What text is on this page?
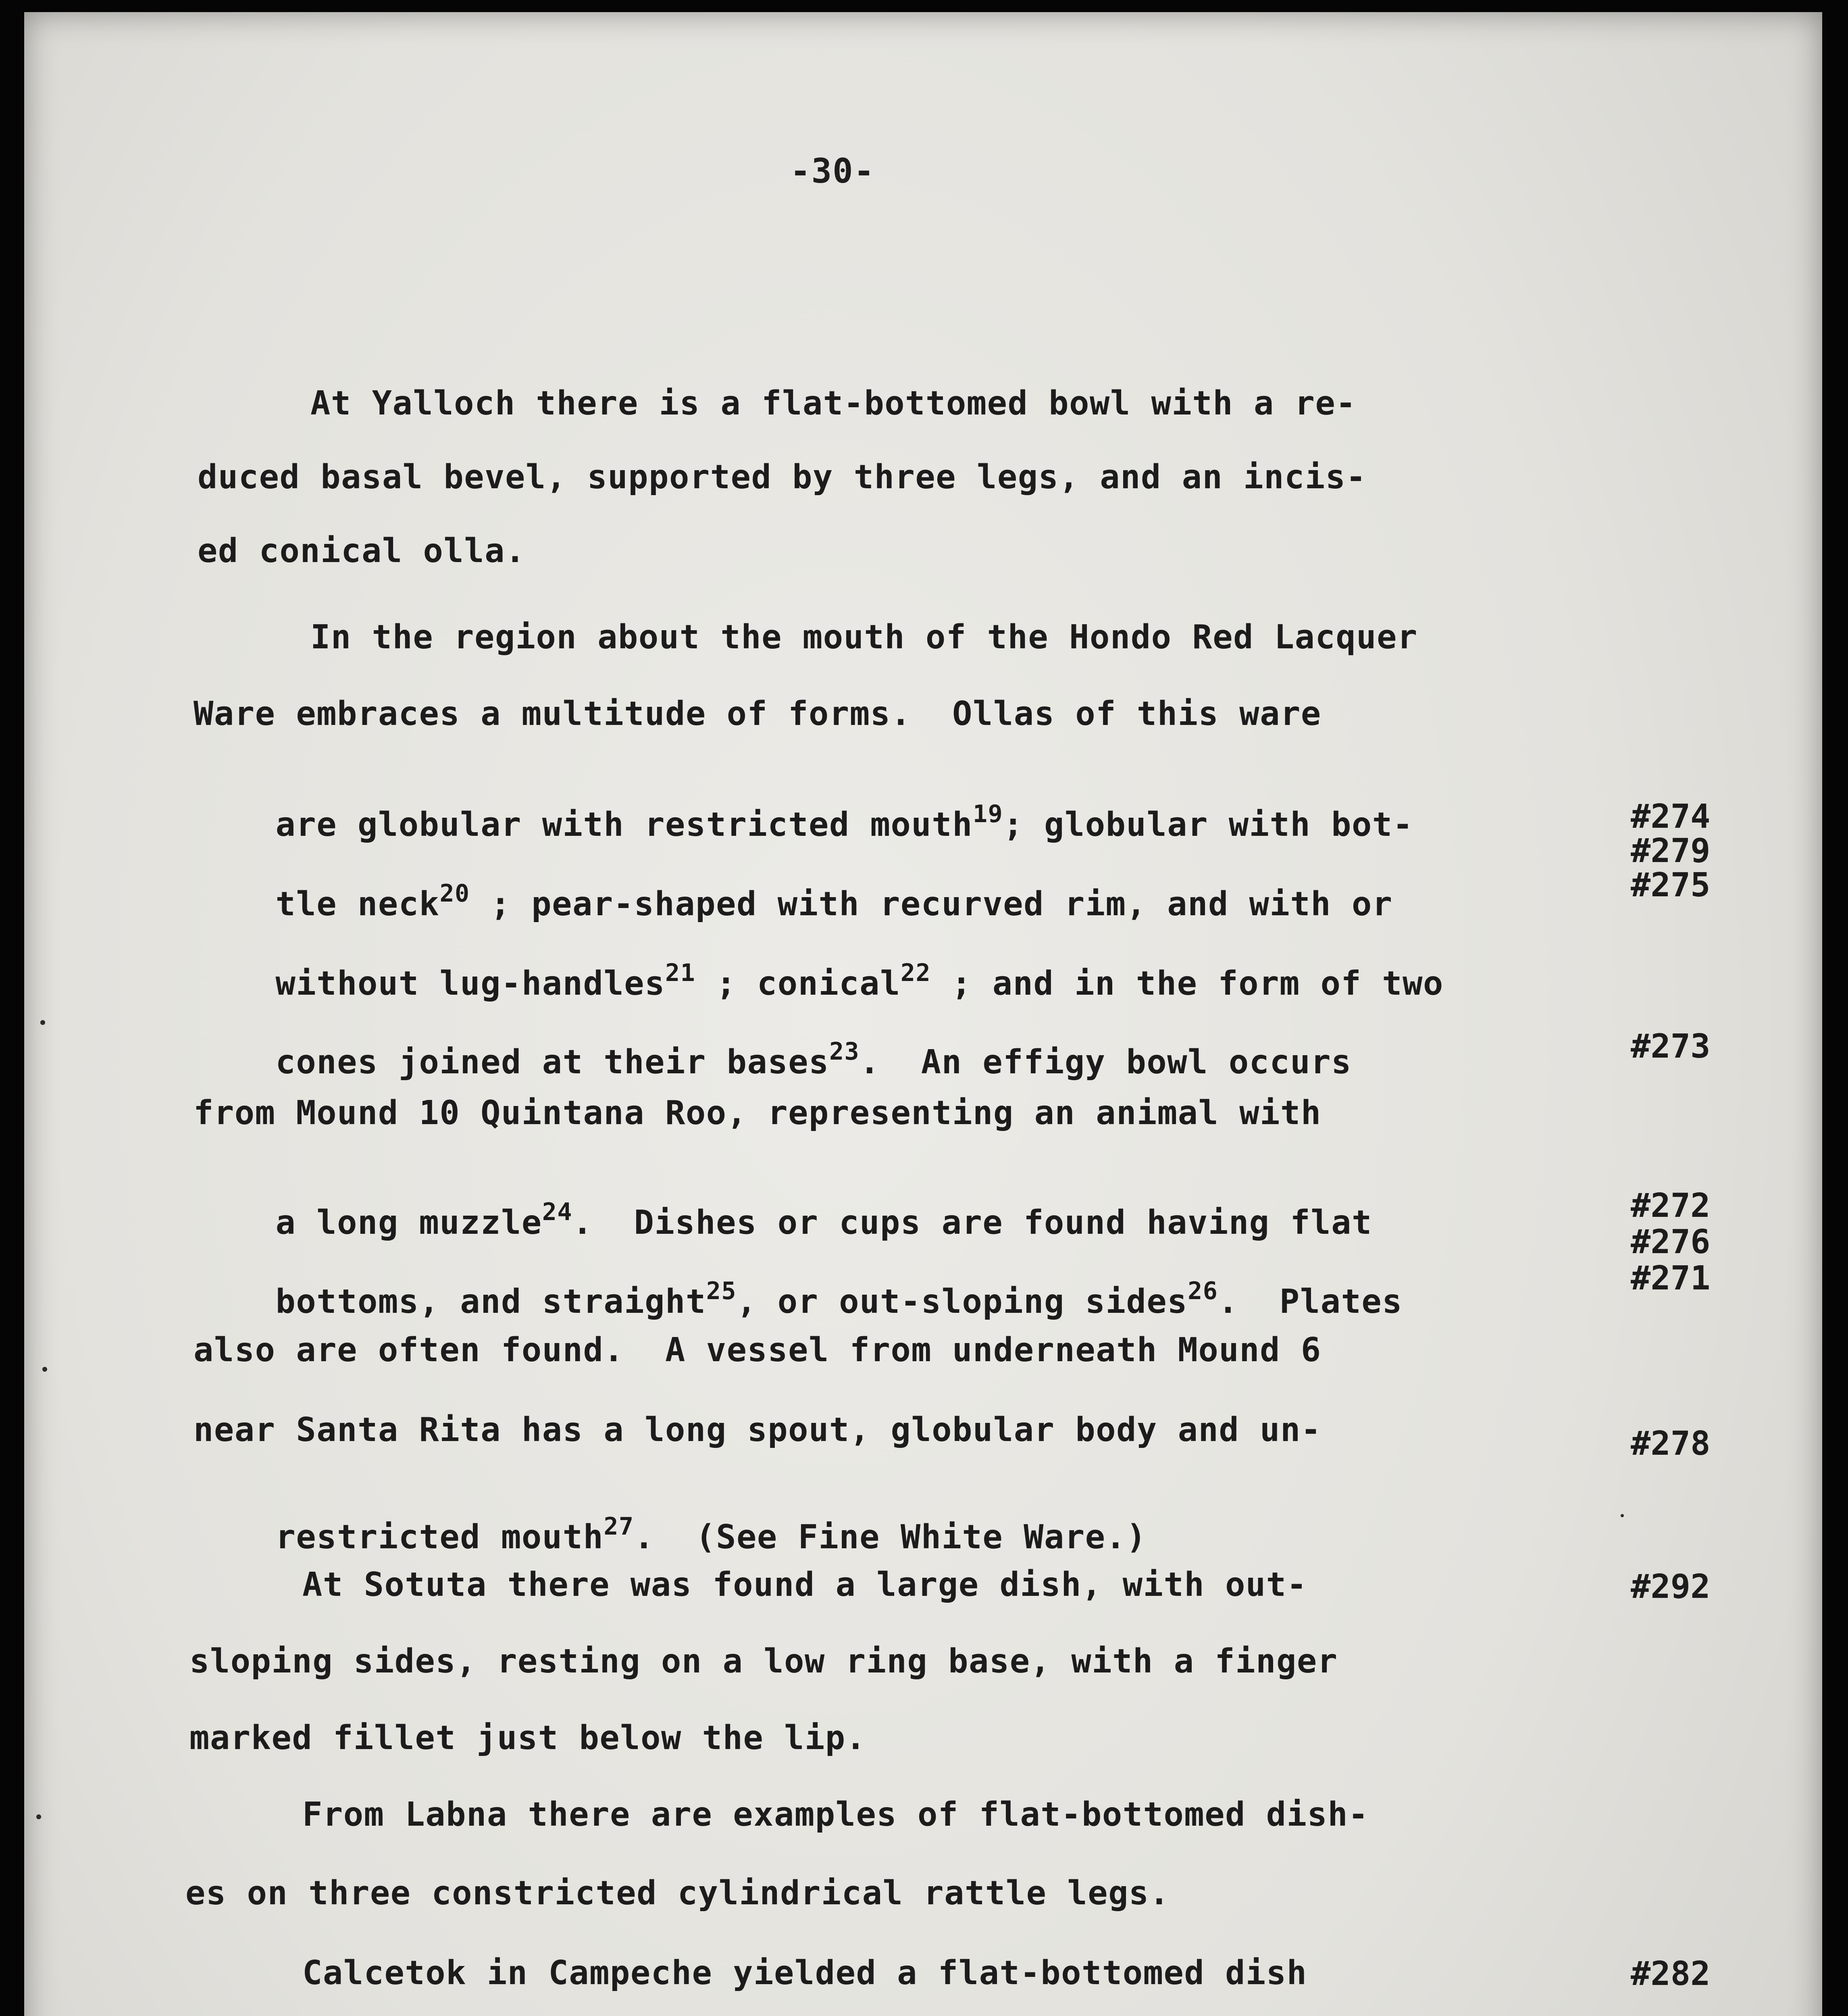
-30-
At Yalloch there is a flat-bottomed bowl with a re-
duced basal bevel, supported by three legs, and an incis-
ed conical olla.
In the region about the mouth of the Hondo Red Lacquer
Ware embraces a multitude of forms.  Ollas of this ware

are globular with restricted mouth$^{19}$; globular with bot-

tle neck$^{20}$ ; pear-shaped with recurved rim, and with or

without lug-handles$^{21}$ ; conical$^{22}$ ; and in the form of two

cones joined at their bases$^{23}$.  An effigy bowl occurs

from Mound 10 Quintana Roo, representing an animal with

a long muzzle$^{24}$.  Dishes or cups are found having flat

bottoms, and straight$^{25}$, or out-sloping sides$^{26}$.  Plates

also are often found.  A vessel from underneath Mound 6
near Santa Rita has a long spout, globular body and un-

restricted mouth$^{27}$.  (See Fine White Ware.)

At Sotuta there was found a large dish, with out-
sloping sides, resting on a low ring base, with a finger
marked fillet just below the lip.
From Labna there are examples of flat-bottomed dish-
es on three constricted cylindrical rattle legs.
Calcetok in Campeche yielded a flat-bottomed dish
#274
#279
#275
#273
#272
#276
#271
#278
#292
#282
